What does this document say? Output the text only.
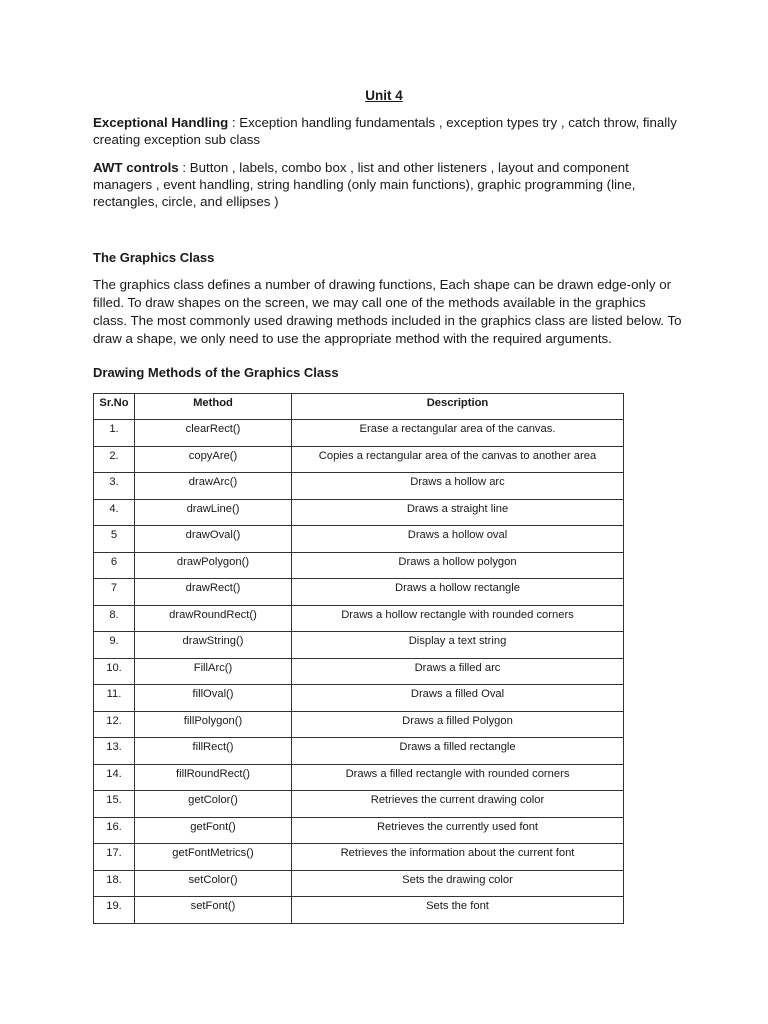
Unit 4
Exceptional Handling : Exception handling fundamentals , exception types try , catch throw, finally creating exception sub class
AWT controls : Button , labels, combo box , list and other listeners , layout and component managers , event handling, string handling (only main functions), graphic programming (line, rectangles, circle, and ellipses )
The Graphics Class
The graphics class defines a number of drawing functions, Each shape can be drawn edge-only or filled. To draw shapes on the screen, we may call one of the methods available in the graphics class. The most commonly used drawing methods included in the graphics class are listed below. To draw a shape, we only need to use the appropriate method with the required arguments.
Drawing Methods of the Graphics Class
Sr.No	Method	Description
1.	clearRect()	Erase a rectangular area of the canvas.
2.	copyAre()	Copies a rectangular area of the canvas to another area
3.	drawArc()	Draws a hollow arc
4.	drawLine()	Draws a straight line
5	drawOval()	Draws a hollow oval
6	drawPolygon()	Draws a hollow polygon
7	drawRect()	Draws a hollow rectangle
8.	drawRoundRect()	Draws a hollow rectangle with rounded corners
9.	drawString()	Display a text string
10.	FillArc()	Draws a filled arc
11.	fillOval()	Draws a filled Oval
12.	fillPolygon()	Draws a filled Polygon
13.	fillRect()	Draws a filled rectangle
14.	fillRoundRect()	Draws a filled rectangle with rounded corners
15.	getColor()	Retrieves the current drawing color
16.	getFont()	Retrieves the currently used font
17.	getFontMetrics()	Retrieves the information about the current font
18.	setColor()	Sets the drawing color
19.	setFont()	Sets the font
